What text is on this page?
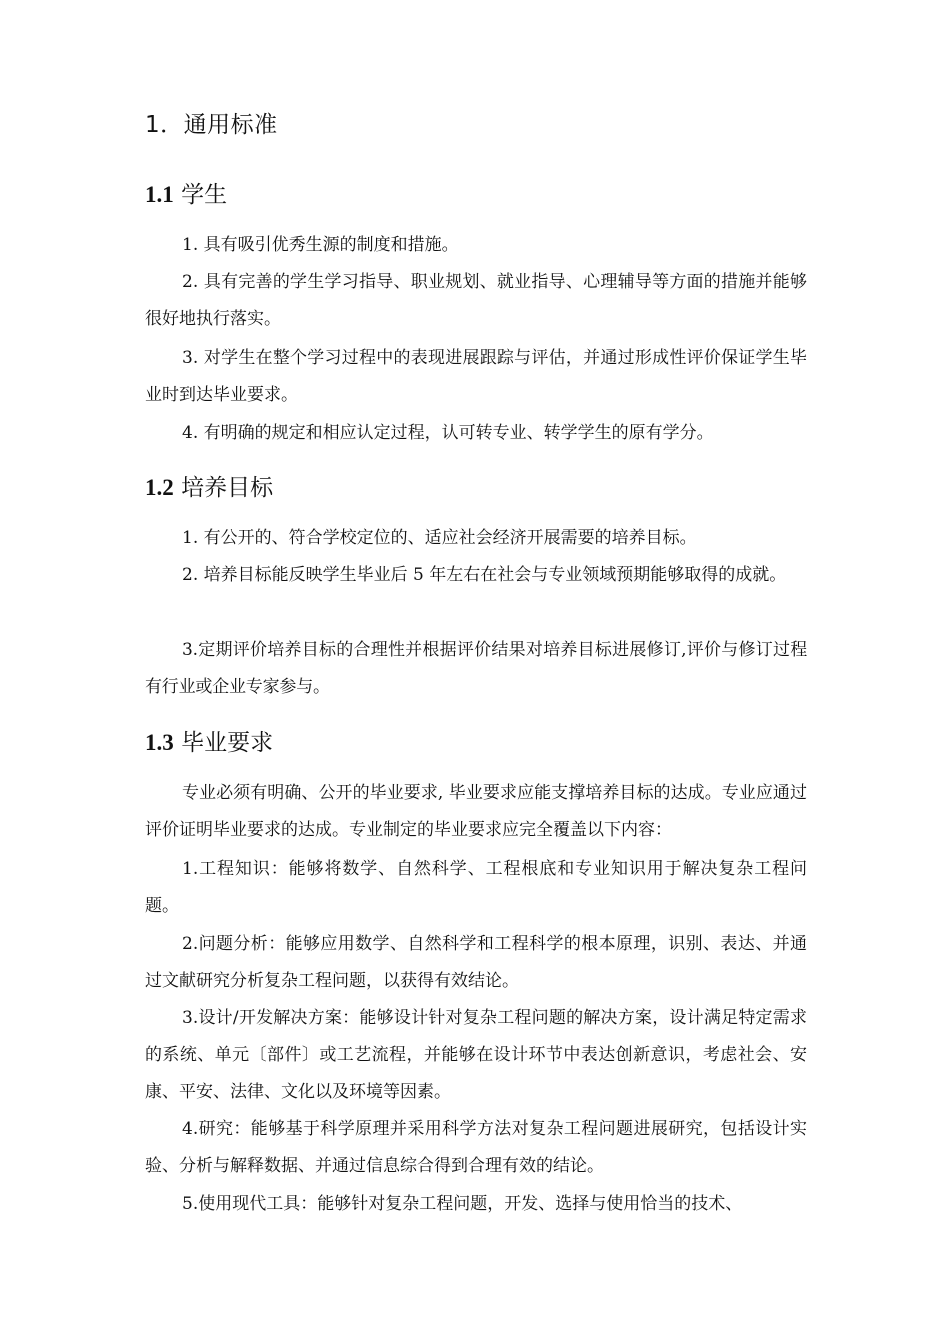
1．通用标准
1.1 学生
1. 具有吸引优秀生源的制度和措施。
2. 具有完善的学生学习指导、职业规划、就业指导、心理辅导等方面的措施并能够很好地执行落实。
3. 对学生在整个学习过程中的表现进展跟踪与评估，并通过形成性评价保证学生毕业时到达毕业要求。
4. 有明确的规定和相应认定过程，认可转专业、转学学生的原有学分。
1.2 培养目标
1. 有公开的、符合学校定位的、适应社会经济开展需要的培养目标。
2. 培养目标能反映学生毕业后 5 年左右在社会与专业领域预期能够取得的成就。
3.定期评价培养目标的合理性并根据评价结果对培养目标进展修订,评价与修订过程有行业或企业专家参与。
1.3 毕业要求
专业必须有明确、公开的毕业要求, 毕业要求应能支撑培养目标的达成。专业应通过评价证明毕业要求的达成。专业制定的毕业要求应完全覆盖以下内容：
1.工程知识：能够将数学、自然科学、工程根底和专业知识用于解决复杂工程问题。
2.问题分析：能够应用数学、自然科学和工程科学的根本原理，识别、表达、并通过文献研究分析复杂工程问题，以获得有效结论。
3.设计/开发解决方案：能够设计针对复杂工程问题的解决方案，设计满足特定需求的系统、单元〔部件〕或工艺流程，并能够在设计环节中表达创新意识，考虑社会、安康、平安、法律、文化以及环境等因素。
4.研究：能够基于科学原理并采用科学方法对复杂工程问题进展研究，包括设计实验、分析与解释数据、并通过信息综合得到合理有效的结论。
5.使用现代工具：能够针对复杂工程问题，开发、选择与使用恰当的技术、
